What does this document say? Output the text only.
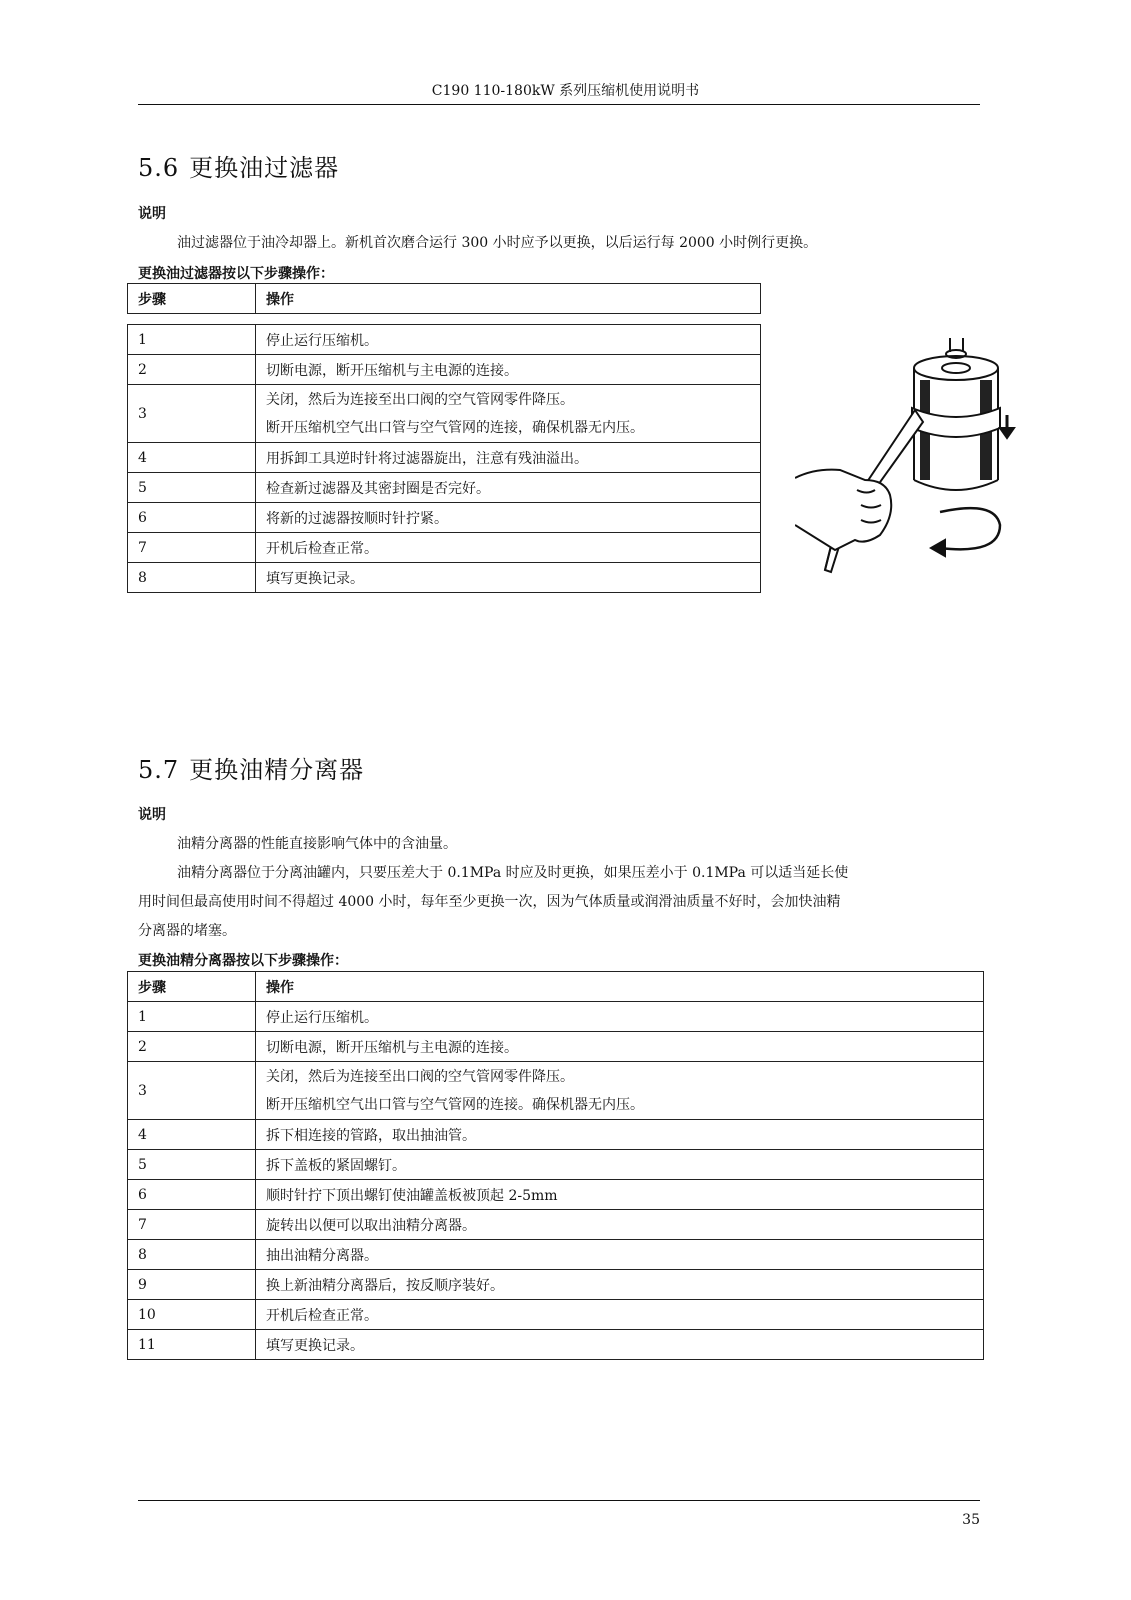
C190 110-180kW 系列压缩机使用说明书
5.6 更换油过滤器
说明
油过滤器位于油冷却器上。新机首次磨合运行 300 小时应予以更换，以后运行每 2000 小时例行更换。
更换油过滤器按以下步骤操作：
步骤	操作
1	停止运行压缩机。

2	切断电源，断开压缩机与主电源的连接。

3	关闭，然后为连接至出口阀的空气管网零件降压。
断开压缩机空气出口管与空气管网的连接，确保机器无内压。

4	用拆卸工具逆时针将过滤器旋出，注意有残油溢出。

5	检查新过滤器及其密封圈是否完好。

6	将新的过滤器按顺时针拧紧。

7	开机后检查正常。

8	填写更换记录。
5.7 更换油精分离器
说明
油精分离器的性能直接影响气体中的含油量。
油精分离器位于分离油罐内，只要压差大于 0.1MPa 时应及时更换，如果压差小于 0.1MPa 可以适当延长使
用时间但最高使用时间不得超过 4000 小时，每年至少更换一次，因为气体质量或润滑油质量不好时，会加快油精
分离器的堵塞。
更换油精分离器按以下步骤操作：
步骤	操作
1	停止运行压缩机。

2	切断电源，断开压缩机与主电源的连接。

3	关闭，然后为连接至出口阀的空气管网零件降压。
断开压缩机空气出口管与空气管网的连接。确保机器无内压。

4	拆下相连接的管路，取出抽油管。

5	拆下盖板的紧固螺钉。

6	顺时针拧下顶出螺钉使油罐盖板被顶起 2-5mm

7	旋转出以便可以取出油精分离器。

8	抽出油精分离器。

9	换上新油精分离器后，按反顺序装好。

10	开机后检查正常。

11	填写更换记录。
35
